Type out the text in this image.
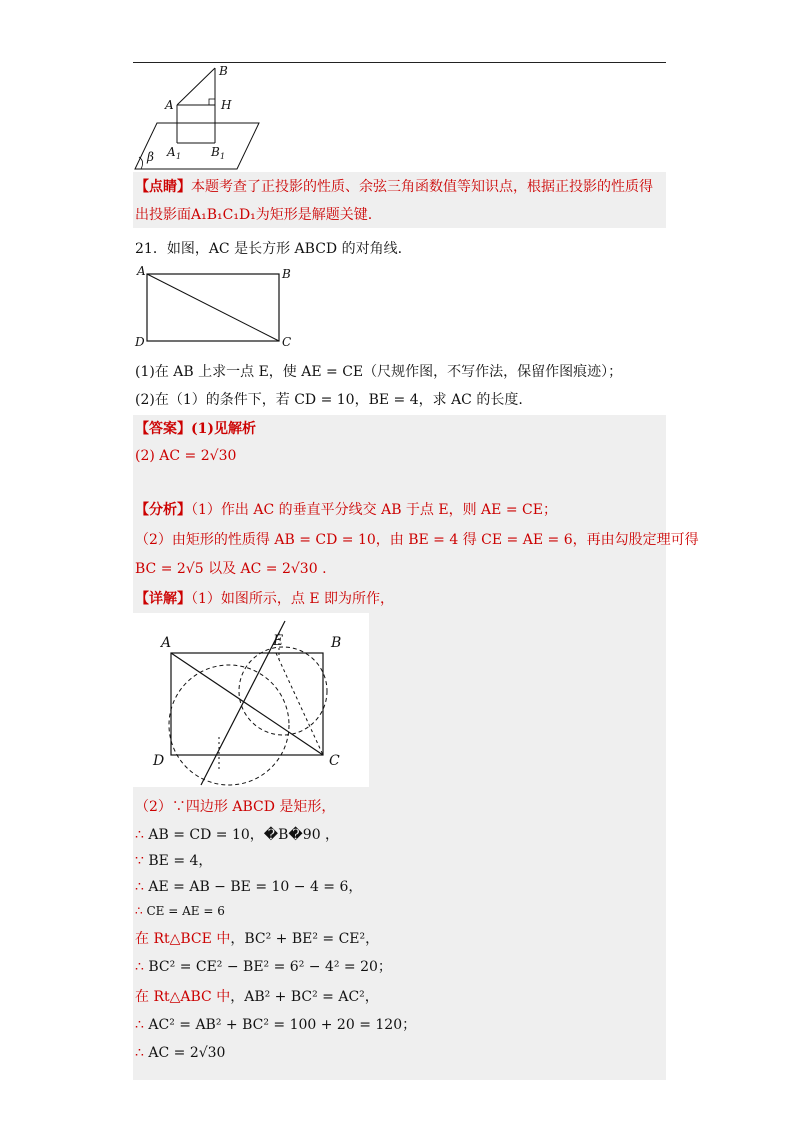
B
A	H
A 1 B 1
β
【点睛】本题考查了正投影的性质、余弦三角函数值等知识点，根据正投影的性质得
出投影面A₁B₁C₁D₁为矩形是解题关键.
21．如图，AC 是长方形 ABCD 的对角线.
A	B
C
D
(1)在 AB 上求一点 E，使 AE = CE（尺规作图，不写作法，保留作图痕迹）；
(2)在（1）的条件下，若 CD = 10，BE = 4，求 AC 的长度.
【答案】(1)见解析
(2) AC = 2√30
【分析】（1）作出 AC 的垂直平分线交 AB 于点 E，则 AE = CE；
（2）由矩形的性质得 AB = CD = 10，由 BE = 4 得 CE = AE = 6，再由勾股定理可得
BC = 2√5 以及 AC = 2√30 .
【详解】（1）如图所示，点 E 即为所作，
A	B
C
D
E
（2）∵四边形 ABCD 是矩形，
∴ AB = CD = 10，�B�90 ，
∵ BE = 4，
∴ AE = AB − BE = 10 − 4 = 6，
∴ CE = AE = 6
在 Rt△BCE 中，BC² + BE² = CE²，
∴ BC² = CE² − BE² = 6² − 4² = 20；
在 Rt△ABC 中，AB² + BC² = AC²，
∴ AC² = AB² + BC² = 100 + 20 = 120；
∴ AC = 2√30
